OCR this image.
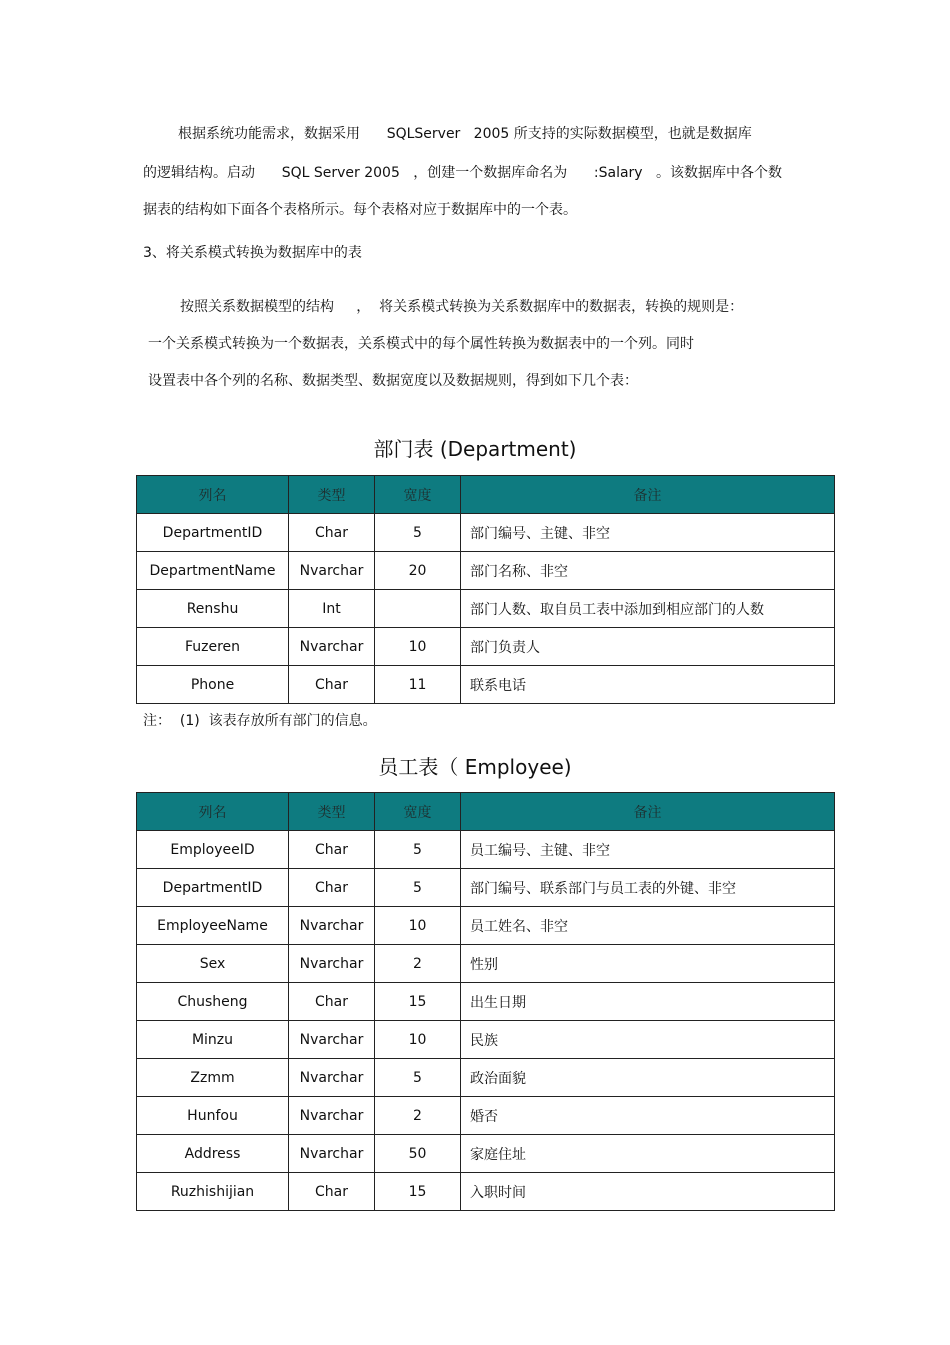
根据系统功能需求，数据采用      SQLServer   2005 所支持的实际数据模型，也就是数据库
的逻辑结构。启动      SQL Server 2005   ，创建一个数据库命名为      :Salary   。该数据库中各个数
据表的结构如下面各个表格所示。每个表格对应于数据库中的一个表。
3、将关系模式转换为数据库中的表
按照关系数据模型的结构     ，  将关系模式转换为关系数据库中的数据表，转换的规则是：
一个关系模式转换为一个数据表，关系模式中的每个属性转换为数据表中的一个列。同时
设置表中各个列的名称、数据类型、数据宽度以及数据规则，得到如下几个表：
部门表 (Department)
列名	类型	宽度	备注
DepartmentID	Char	5	部门编号、主键、非空
DepartmentName	Nvarchar	20	部门名称、非空
Renshu	Int		部门人数、取自员工表中添加到相应部门的人数
Fuzeren	Nvarchar	10	部门负责人
Phone	Char	11	联系电话
注：  (1)  该表存放所有部门的信息。
员工表（ Employee)
列名	类型	宽度	备注
EmployeeID	Char	5	员工编号、主键、非空
DepartmentID	Char	5	部门编号、联系部门与员工表的外键、非空
EmployeeName	Nvarchar	10	员工姓名、非空
Sex	Nvarchar	2	性别
Chusheng	Char	15	出生日期
Minzu	Nvarchar	10	民族
Zzmm	Nvarchar	5	政治面貌
Hunfou	Nvarchar	2	婚否
Address	Nvarchar	50	家庭住址
Ruzhishijian	Char	15	入职时间
